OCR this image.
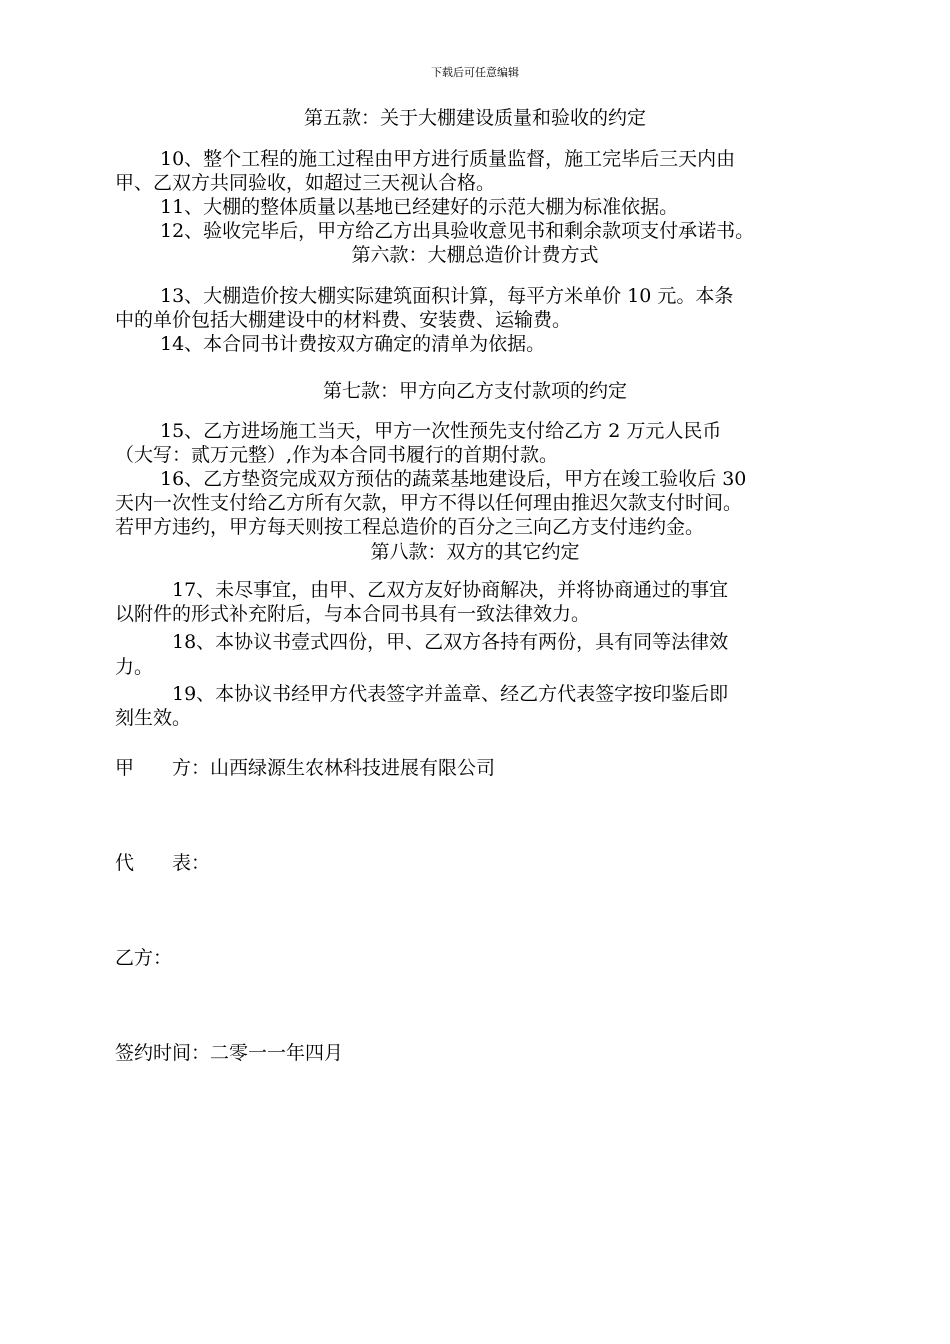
下载后可任意编辑
第五款：关于大棚建设质量和验收的约定
10、整个工程的施工过程由甲方进行质量监督，施工完毕后三天内由
甲、乙双方共同验收，如超过三天视认合格。
11、大棚的整体质量以基地已经建好的示范大棚为标准依据。
12、验收完毕后，甲方给乙方出具验收意见书和剩余款项支付承诺书。
第六款：大棚总造价计费方式
13、大棚造价按大棚实际建筑面积计算，每平方米单价 10 元。本条
中的单价包括大棚建设中的材料费、安装费、运输费。
14、本合同书计费按双方确定的清单为依据。
第七款：甲方向乙方支付款项的约定
15、乙方进场施工当天，甲方一次性预先支付给乙方 2 万元人民币
（大写：贰万元整）,作为本合同书履行的首期付款。
16、乙方垫资完成双方预估的蔬菜基地建设后，甲方在竣工验收后 30
天内一次性支付给乙方所有欠款，甲方不得以任何理由推迟欠款支付时间。
若甲方违约，甲方每天则按工程总造价的百分之三向乙方支付违约金。
第八款：双方的其它约定
17、未尽事宜，由甲、乙双方友好协商解决，并将协商通过的事宜
以附件的形式补充附后，与本合同书具有一致法律效力。
18、本协议书壹式四份，甲、乙双方各持有两份，具有同等法律效
力。
19、本协议书经甲方代表签字并盖章、经乙方代表签字按印鉴后即
刻生效。
甲　　方：山西绿源生农林科技进展有限公司
代　　表：
乙方：
签约时间：二零一一年四月
